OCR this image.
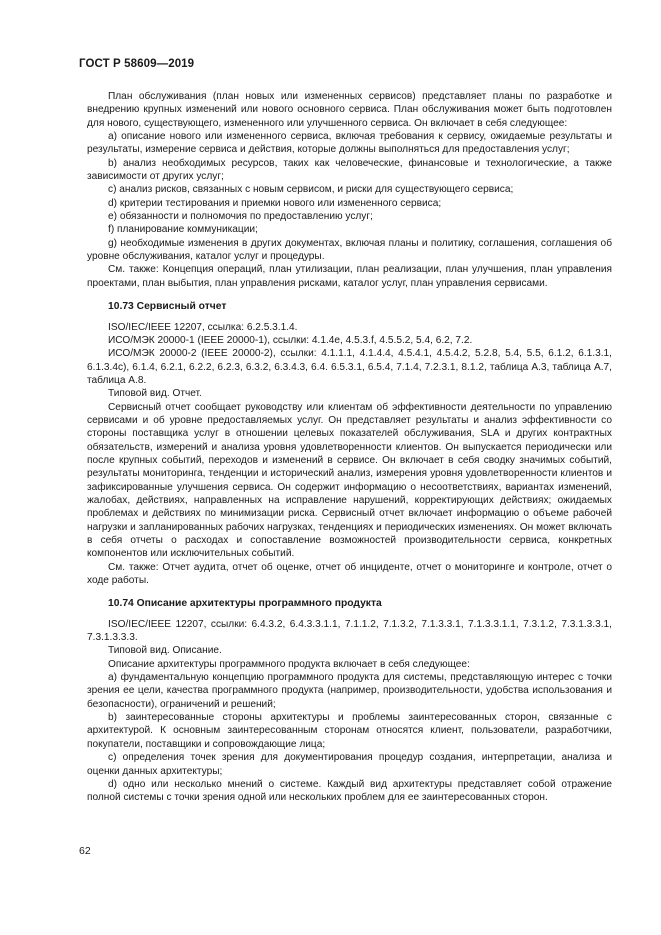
ГОСТ Р 58609—2019

План обслуживания (план новых или измененных сервисов) представляет планы по разработке и внедрению крупных изменений или нового основного сервиса. План обслуживания может быть подготовлен для нового, существующего, измененного или улучшенного сервиса. Он включает в себя следующее:

a) описание нового или измененного сервиса, включая требования к сервису, ожидаемые результаты и результаты, измерение сервиса и действия, которые должны выполняться для предоставления услуг;

b) анализ необходимых ресурсов, таких как человеческие, финансовые и технологические, а также зависимости от других услуг;

c) анализ рисков, связанных с новым сервисом, и риски для существующего сервиса;

d) критерии тестирования и приемки нового или измененного сервиса;

e) обязанности и полномочия по предоставлению услуг;

f) планирование коммуникации;

g) необходимые изменения в других документах, включая планы и политику, соглашения, соглашения об уровне обслуживания, каталог услуг и процедуры.

См. также: Концепция операций, план утилизации, план реализации, план улучшения, план управления проектами, план выбытия, план управления рисками, каталог услуг, план управления сервисами.

10.73 Сервисный отчет

ISO/IEC/IEEE 12207, ссылка: 6.2.5.3.1.4.

ИСО/МЭК 20000-1 (IEEE 20000-1), ссылки: 4.1.4e, 4.5.3.f, 4.5.5.2, 5.4, 6.2, 7.2.

ИСО/МЭК 20000-2 (IEEE 20000-2), ссылки: 4.1.1.1, 4.1.4.4, 4.5.4.1, 4.5.4.2, 5.2.8, 5.4, 5.5, 6.1.2, 6.1.3.1, 6.1.3.4c), 6.1.4, 6.2.1, 6.2.2, 6.2.3, 6.3.2, 6.3.4.3, 6.4. 6.5.3.1, 6.5.4, 7.1.4, 7.2.3.1, 8.1.2, таблица А.3, таблица А.7, таблица А.8.

Типовой вид. Отчет.

Сервисный отчет сообщает руководству или клиентам об эффективности деятельности по управлению сервисами и об уровне предоставляемых услуг. Он представляет результаты и анализ эффективности со стороны поставщика услуг в отношении целевых показателей обслуживания, SLA и других контрактных обязательств, измерений и анализа уровня удовлетворенности клиентов. Он выпускается периодически или после крупных событий, переходов и изменений в сервисе. Он включает в себя сводку значимых событий, результаты мониторинга, тенденции и исторический анализ, измерения уровня удовлетворенности клиентов и зафиксированные улучшения сервиса. Он содержит информацию о несоответствиях, вариантах изменений, жалобах, действиях, направленных на исправление нарушений, корректирующих действиях; ожидаемых проблемах и действиях по минимизации риска. Сервисный отчет включает информацию о объеме рабочей нагрузки и запланированных рабочих нагрузках, тенденциях и периодических изменениях. Он может включать в себя отчеты о расходах и сопоставление возможностей производительности сервиса, конкретных компонентов или исключительных событий.

См. также: Отчет аудита, отчет об оценке, отчет об инциденте, отчет о мониторинге и контроле, отчет о ходе работы.

10.74 Описание архитектуры программного продукта

ISO/IEC/IEEE 12207, ссылки: 6.4.3.2, 6.4.3.3.1.1, 7.1.1.2, 7.1.3.2, 7.1.3.3.1, 7.1.3.3.1.1, 7.3.1.2, 7.3.1.3.3.1, 7.3.1.3.3.3.

Типовой вид. Описание.

Описание архитектуры программного продукта включает в себя следующее:

a) фундаментальную концепцию программного продукта для системы, представляющую интерес с точки зрения ее цели, качества программного продукта (например, производительности, удобства использования и безопасности), ограничений и решений;

b) заинтересованные стороны архитектуры и проблемы заинтересованных сторон, связанные с архитектурой. К основным заинтересованным сторонам относятся клиент, пользователи, разработчики, покупатели, поставщики и сопровождающие лица;

c) определения точек зрения для документирования процедур создания, интерпретации, анализа и оценки данных архитектуры;

d) одно или несколько мнений о системе. Каждый вид архитектуры представляет собой отражение полной системы с точки зрения одной или нескольких проблем для ее заинтересованных сторон.

62
